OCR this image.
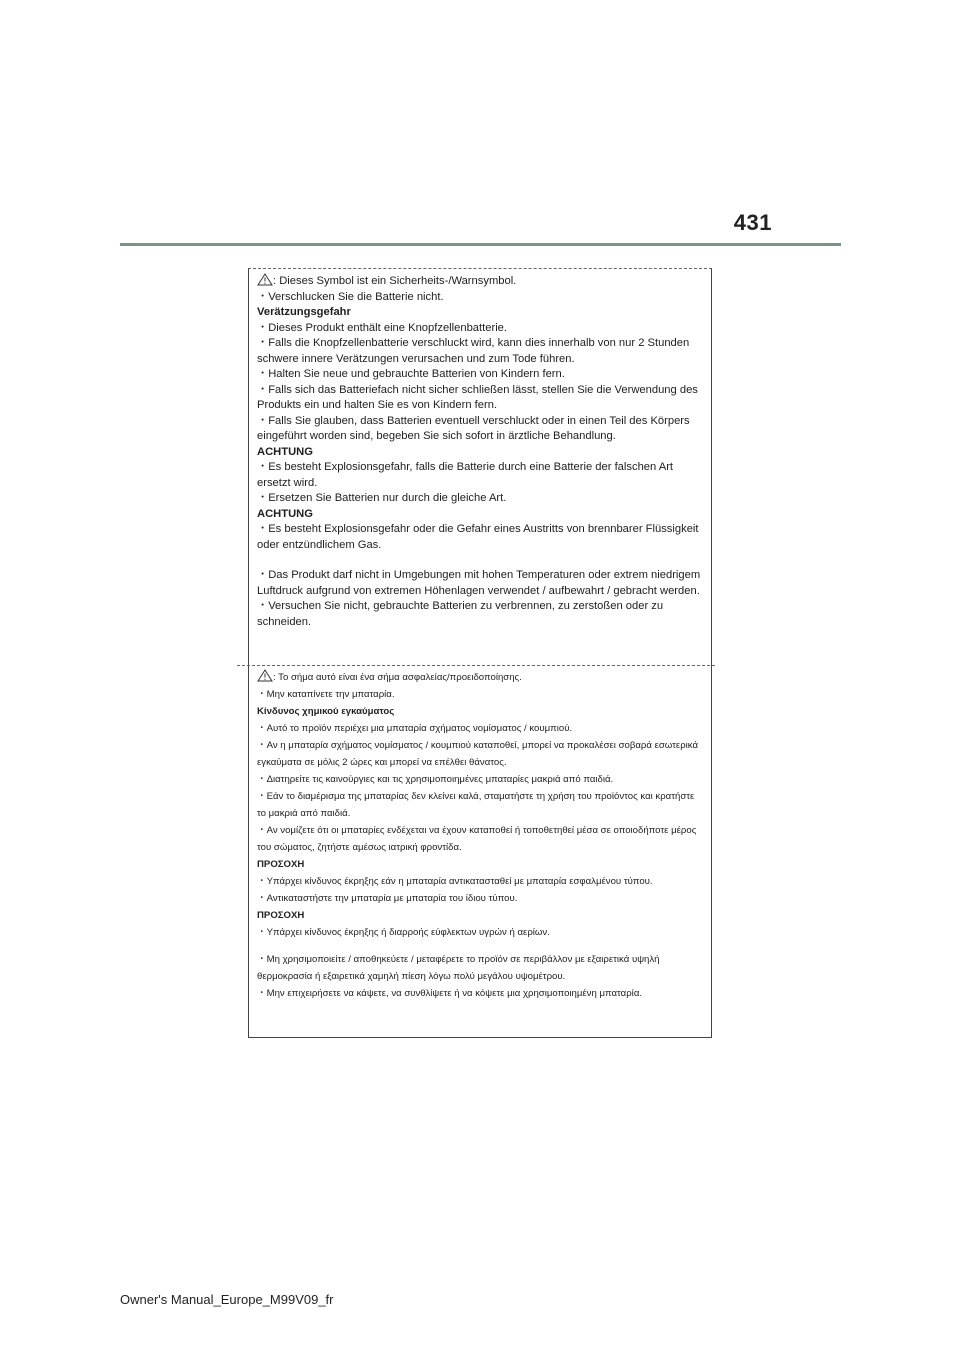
431

: Dieses Symbol ist ein Sicherheits-/Warnsymbol.

・Verschlucken Sie die Batterie nicht.

Verätzungsgefahr

・Dieses Produkt enthält eine Knopfzellenbatterie.

・Falls die Knopfzellenbatterie verschluckt wird, kann dies innerhalb von nur 2 Stunden schwere innere Verätzungen verursachen und zum Tode führen.

・Halten Sie neue und gebrauchte Batterien von Kindern fern.

・Falls sich das Batteriefach nicht sicher schließen lässt, stellen Sie die Verwendung des Produkts ein und halten Sie es von Kindern fern.

・Falls Sie glauben, dass Batterien eventuell verschluckt oder in einen Teil des Körpers eingeführt worden sind, begeben Sie sich sofort in ärztliche Behandlung.

ACHTUNG

・Es besteht Explosionsgefahr, falls die Batterie durch eine Batterie der falschen Art ersetzt wird.

・Ersetzen Sie Batterien nur durch die gleiche Art.

ACHTUNG

・Es besteht Explosionsgefahr oder die Gefahr eines Austritts von brennbarer Flüssigkeit oder entzündlichem Gas.

・Das Produkt darf nicht in Umgebungen mit hohen Temperaturen oder extrem niedrigem Luftdruck aufgrund von extremen Höhenlagen verwendet / aufbewahrt / gebracht werden.

・Versuchen Sie nicht, gebrauchte Batterien zu verbrennen, zu zerstoßen oder zu schneiden.

: Το σήμα αυτό είναι ένα σήμα ασφαλείας/προειδοποίησης.

・Μην καταπίνετε την μπαταρία.

Κίνδυνος χημικού εγκαύματος

・Αυτό το προϊόν περιέχει μια μπαταρία σχήματος νομίσματος / κουμπιού.

・Αν η μπαταρία σχήματος νομίσματος / κουμπιού καταποθεί, μπορεί να προκαλέσει σοβαρά εσωτερικά εγκαύματα σε μόλις 2 ώρες και μπορεί να επέλθει θάνατος.

・Διατηρείτε τις καινούργιες και τις χρησιμοποιημένες μπαταρίες μακριά από παιδιά.

・Εάν το διαμέρισμα της μπαταρίας δεν κλείνει καλά, σταματήστε τη χρήση του προϊόντος και κρατήστε το μακριά από παιδιά.

・Αν νομίζετε ότι οι μπαταρίες ενδέχεται να έχουν καταποθεί ή τοποθετηθεί μέσα σε οποιοδήποτε μέρος του σώματος, ζητήστε αμέσως ιατρική φροντίδα.

ΠΡΟΣΟΧΗ

・Υπάρχει κίνδυνος έκρηξης εάν η μπαταρία αντικατασταθεί με μπαταρία εσφαλμένου τύπου.

・Αντικαταστήστε την μπαταρία με μπαταρία του ίδιου τύπου.

ΠΡΟΣΟΧΗ

・Υπάρχει κίνδυνος έκρηξης ή διαρροής εύφλεκτων υγρών ή αερίων.

・Μη χρησιμοποιείτε / αποθηκεύετε / μεταφέρετε το προϊόν σε περιβάλλον με εξαιρετικά υψηλή θερμοκρασία ή εξαιρετικά χαμηλή πίεση λόγω πολύ μεγάλου υψομέτρου.

・Μην επιχειρήσετε να κάψετε, να συνθλίψετε ή να κόψετε μια χρησιμοποιημένη μπαταρία.

Owner's Manual_Europe_M99V09_fr
